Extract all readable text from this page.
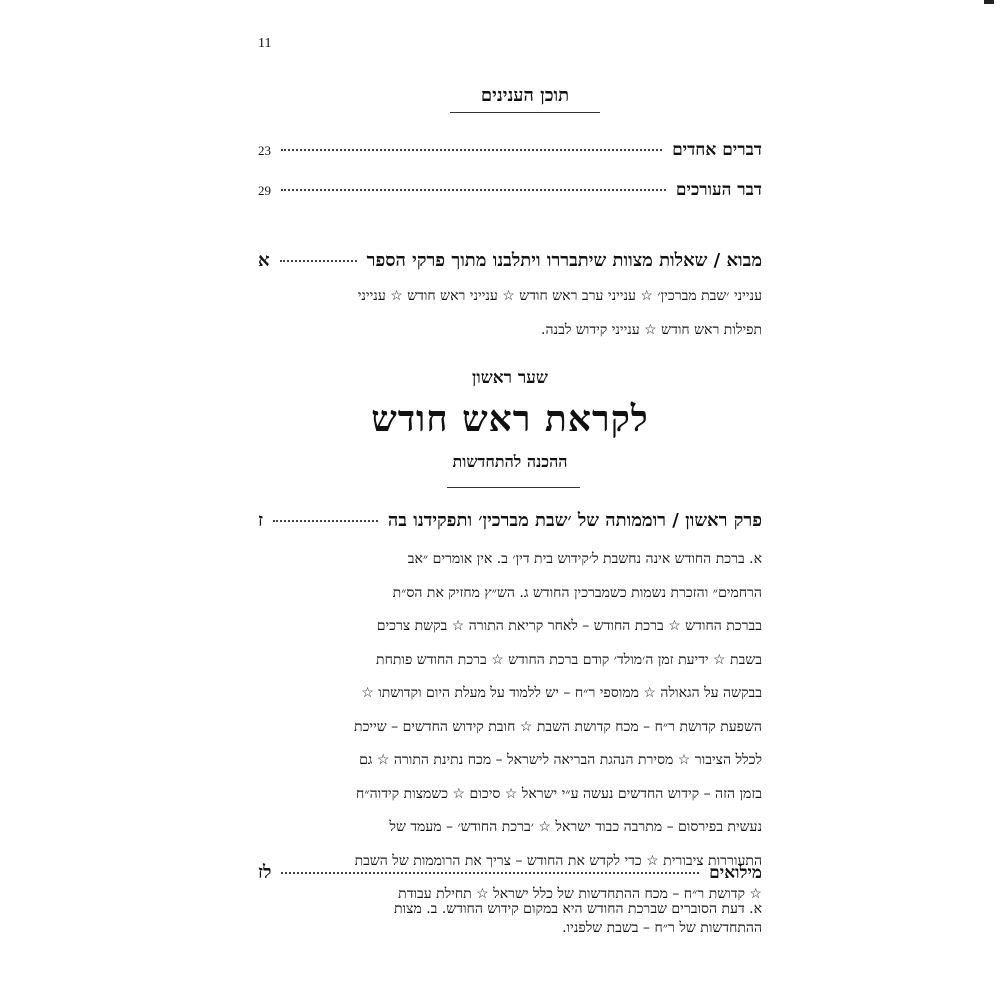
11
תוכן הענינים
דברים אחדים
23
דבר העורכים
29
מבוא / שאלות מצוות שיתבררו ויתלבנו מתוך פרקי הספר
א
ענייני ׳שבת מברכין׳ ☆ ענייני ערב ראש חודש ☆ ענייני ראש חודש ☆ ענייני
תפילות ראש חודש ☆ ענייני קידוש לבנה.
שער ראשון
לקראת ראש חודש
ההכנה להתחדשות
פרק ראשון / רוממותה של ׳שבת מברכין׳ ותפקידנו בה
ז
א. ברכת החודש אינה נחשבת ל׳קידוש בית דין׳ ב. אין אומרים ״אב
הרחמים״ והזכרת נשמות כשמברכין החודש ג. הש״ץ מחזיק את הס״ת
בברכת החודש ☆ ברכת החודש – לאחר קריאת התורה ☆ בקשת צרכים
בשבת ☆ ידיעת זמן ה׳מולד׳ קודם ברכת החודש ☆ ברכת החודש פותחת
בבקשה על הגאולה ☆ ממוספי ר״ח – יש ללמוד על מעלת היום וקדושתו ☆
השפעת קדושת ר״ח – מכח קדושת השבת ☆ חובת קידוש החדשים – שייכת
לכלל הציבור ☆ מסירת הנהגת הבריאה לישראל – מכח נתינת התורה ☆ גם
בזמן הזה – קידוש החדשים נעשה ע״י ישראל ☆ סיכום ☆ כשמצות קידוה״ח
נעשית בפירסום – מתרבה כבוד ישראל ☆ ׳ברכת החודש׳ – מעמד של
התעוררות ציבורית ☆ כדי לקדש את החודש – צריך את הרוממות של השבת
☆ קדושת ר״ח – מכח ההתחדשות של כלל ישראל ☆ תחילת עבודת
ההתחדשות של ר״ח – בשבת שלפניו.
מילואים
לז
א. דעת הסוברים שברכת החודש היא במקום קידוש החודש. ב. מצות
